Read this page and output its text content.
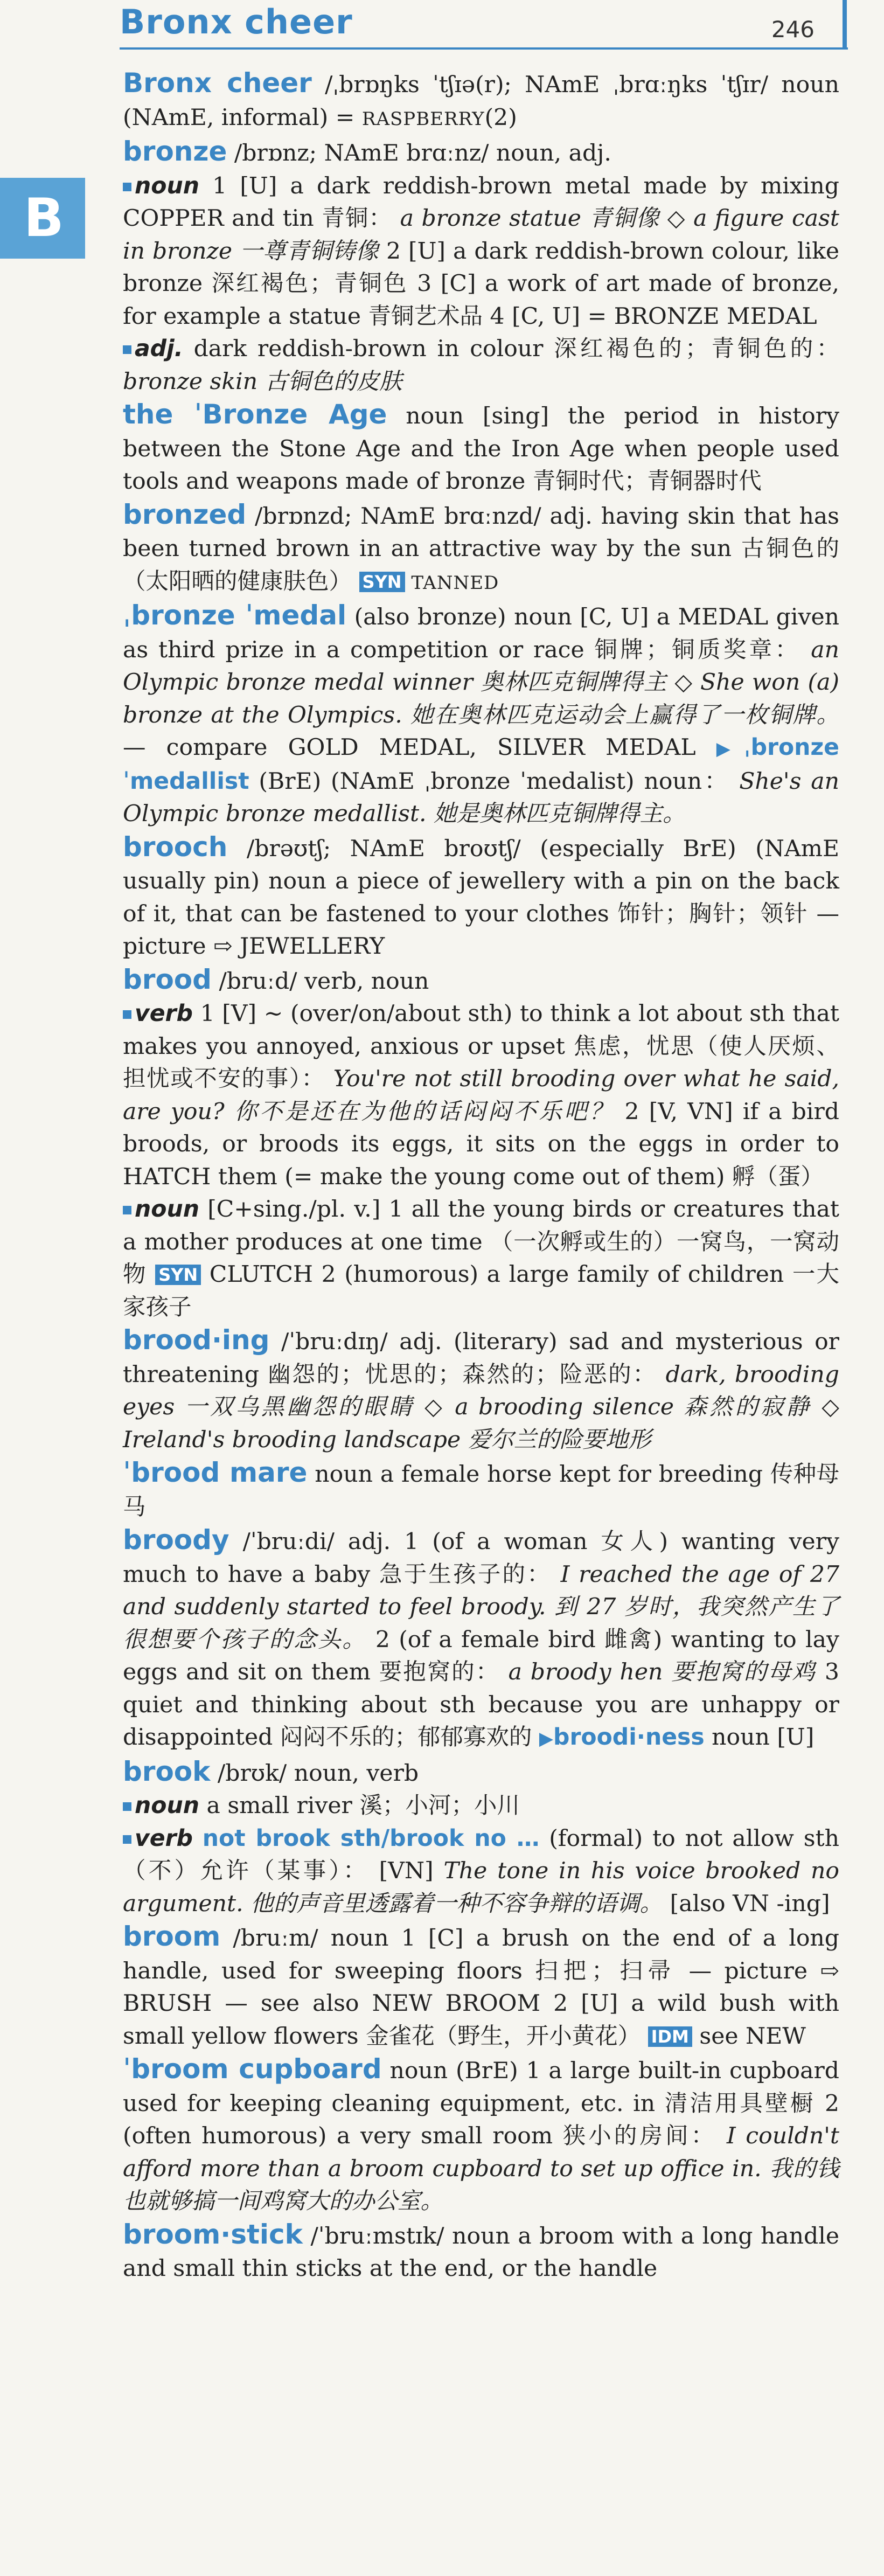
Bronx cheer	246
B

Bronx cheer /ˌbrɒŋks ˈtʃɪə(r); NAmE ˌbrɑːŋks ˈtʃɪr/ noun (NAmE, informal) = RASPBERRY(2)

bronze /brɒnz; NAmE brɑːnz/ noun, adj.

noun 1 [U] a dark reddish-brown metal made by mixing COPPER and tin 青铜： a bronze statue 青铜像 ◇ a figure cast in bronze 一尊青铜铸像 2 [U] a dark reddish-brown colour, like bronze 深红褐色；青铜色 3 [C] a work of art made of bronze, for example a statue 青铜艺术品 4 [C, U] = BRONZE MEDAL

adj. dark reddish-brown in colour 深红褐色的；青铜色的： bronze skin 古铜色的皮肤

the ˈBronze Age noun [sing] the period in history between the Stone Age and the Iron Age when people used tools and weapons made of bronze 青铜时代；青铜器时代

bronzed /brɒnzd; NAmE brɑːnzd/ adj. having skin that has been turned brown in an attractive way by the sun 古铜色的（太阳晒的健康肤色） SYN TANNED

ˌbronze ˈmedal (also bronze) noun [C, U] a MEDAL given as third prize in a competition or race 铜牌；铜质奖章： an Olympic bronze medal winner 奥林匹克铜牌得主 ◇ She won (a) bronze at the Olympics. 她在奥林匹克运动会上赢得了一枚铜牌。 — compare GOLD MEDAL, SILVER MEDAL ▶ˌbronze ˈmedallist (BrE) (NAmE ˌbronze ˈmedalist) noun： She's an Olympic bronze medallist. 她是奥林匹克铜牌得主。

brooch /brəʊtʃ; NAmE broʊtʃ/ (especially BrE) (NAmE usually pin) noun a piece of jewellery with a pin on the back of it, that can be fastened to your clothes 饰针；胸针；领针 — picture ⇨ JEWELLERY

brood /bruːd/ verb, noun

verb 1 [V] ~ (over/on/about sth) to think a lot about sth that makes you annoyed, anxious or upset 焦虑，忧思（使人厌烦、担忧或不安的事）： You're not still brooding over what he said, are you? 你不是还在为他的话闷闷不乐吧？ 2 [V, VN] if a bird broods, or broods its eggs, it sits on the eggs in order to HATCH them (= make the young come out of them) 孵（蛋）

noun [C+sing./pl. v.] 1 all the young birds or creatures that a mother produces at one time （一次孵或生的）一窝鸟，一窝动物 SYN CLUTCH 2 (humorous) a large family of children 一大家孩子

brood·ing /ˈbruːdɪŋ/ adj. (literary) sad and mysterious or threatening 幽怨的；忧思的；森然的；险恶的： dark, brooding eyes 一双乌黑幽怨的眼睛 ◇ a brooding silence 森然的寂静 ◇ Ireland's brooding landscape 爱尔兰的险要地形

ˈbrood mare noun a female horse kept for breeding 传种母马

broody /ˈbruːdi/ adj. 1 (of a woman 女人) wanting very much to have a baby 急于生孩子的： I reached the age of 27 and suddenly started to feel broody. 到 27 岁时，我突然产生了很想要个孩子的念头。 2 (of a female bird 雌禽) wanting to lay eggs and sit on them 要抱窝的： a broody hen 要抱窝的母鸡 3 quiet and thinking about sth because you are unhappy or disappointed 闷闷不乐的；郁郁寡欢的 ▶broodi·ness noun [U]

brook /brʊk/ noun, verb

noun a small river 溪；小河；小川

verb not brook sth/brook no … (formal) to not allow sth （不）允许（某事）： [VN] The tone in his voice brooked no argument. 他的声音里透露着一种不容争辩的语调。 [also VN -ing]

broom /bruːm/ noun 1 [C] a brush on the end of a long handle, used for sweeping floors 扫把；扫帚 — picture ⇨ BRUSH — see also NEW BROOM 2 [U] a wild bush with small yellow flowers 金雀花（野生，开小黄花） IDM see NEW

ˈbroom cupboard noun (BrE) 1 a large built-in cupboard used for keeping cleaning equipment, etc. in 清洁用具壁橱 2 (often humorous) a very small room 狭小的房间： I couldn't afford more than a broom cupboard to set up office in. 我的钱也就够搞一间鸡窝大的办公室。

broom·stick /ˈbruːmstɪk/ noun a broom with a long handle and small thin sticks at the end, or the handle
